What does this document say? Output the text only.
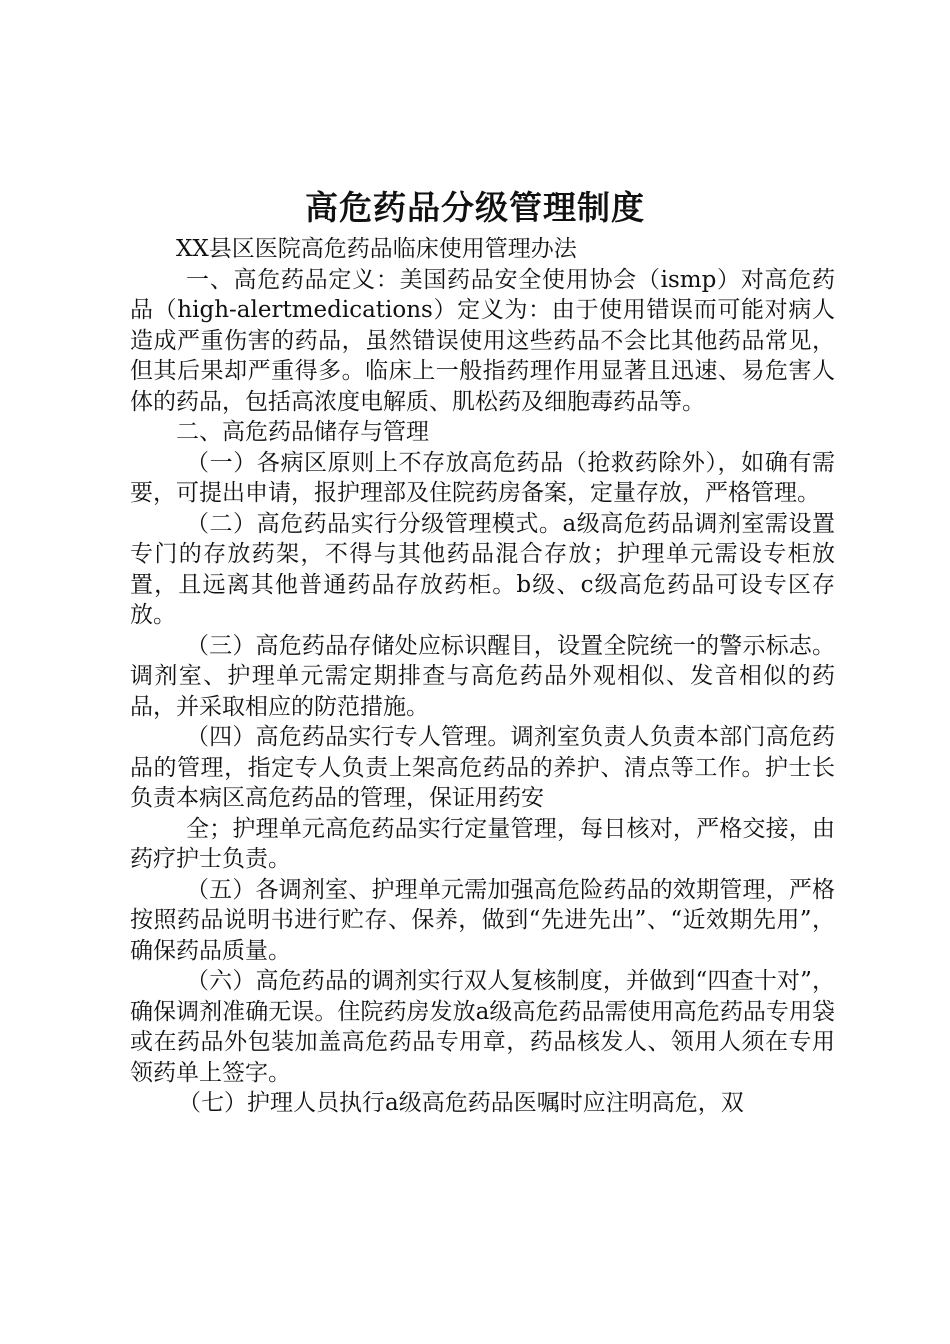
高危药品分级管理制度

XX县区医院高危药品临床使用管理办法

一、高危药品定义：美国药品安全使用协会（ismp）对高危药品（high-alertmedications）定义为：由于使用错误而可能对病人造成严重伤害的药品，虽然错误使用这些药品不会比其他药品常见，但其后果却严重得多。临床上一般指药理作用显著且迅速、易危害人体的药品，包括高浓度电解质、肌松药及细胞毒药品等。

二、高危药品储存与管理

（一）各病区原则上不存放高危药品（抢救药除外），如确有需要，可提出申请，报护理部及住院药房备案，定量存放，严格管理。

（二）高危药品实行分级管理模式。a级高危药品调剂室需设置专门的存放药架，不得与其他药品混合存放；护理单元需设专柜放置，且远离其他普通药品存放药柜。b级、c级高危药品可设专区存放。

（三）高危药品存储处应标识醒目，设置全院统一的警示标志。调剂室、护理单元需定期排查与高危药品外观相似、发音相似的药品，并采取相应的防范措施。

（四）高危药品实行专人管理。调剂室负责人负责本部门高危药品的管理，指定专人负责上架高危药品的养护、清点等工作。护士长负责本病区高危药品的管理，保证用药安

全；护理单元高危药品实行定量管理，每日核对，严格交接，由药疗护士负责。

（五）各调剂室、护理单元需加强高危险药品的效期管理，严格按照药品说明书进行贮存、保养，做到“先进先出”、“近效期先用”，确保药品质量。

（六）高危药品的调剂实行双人复核制度，并做到“四查十对”，确保调剂准确无误。住院药房发放a级高危药品需使用高危药品专用袋或在药品外包装加盖高危药品专用章，药品核发人、领用人须在专用领药单上签字。

（七）护理人员执行a级高危药品医嘱时应注明高危，双
